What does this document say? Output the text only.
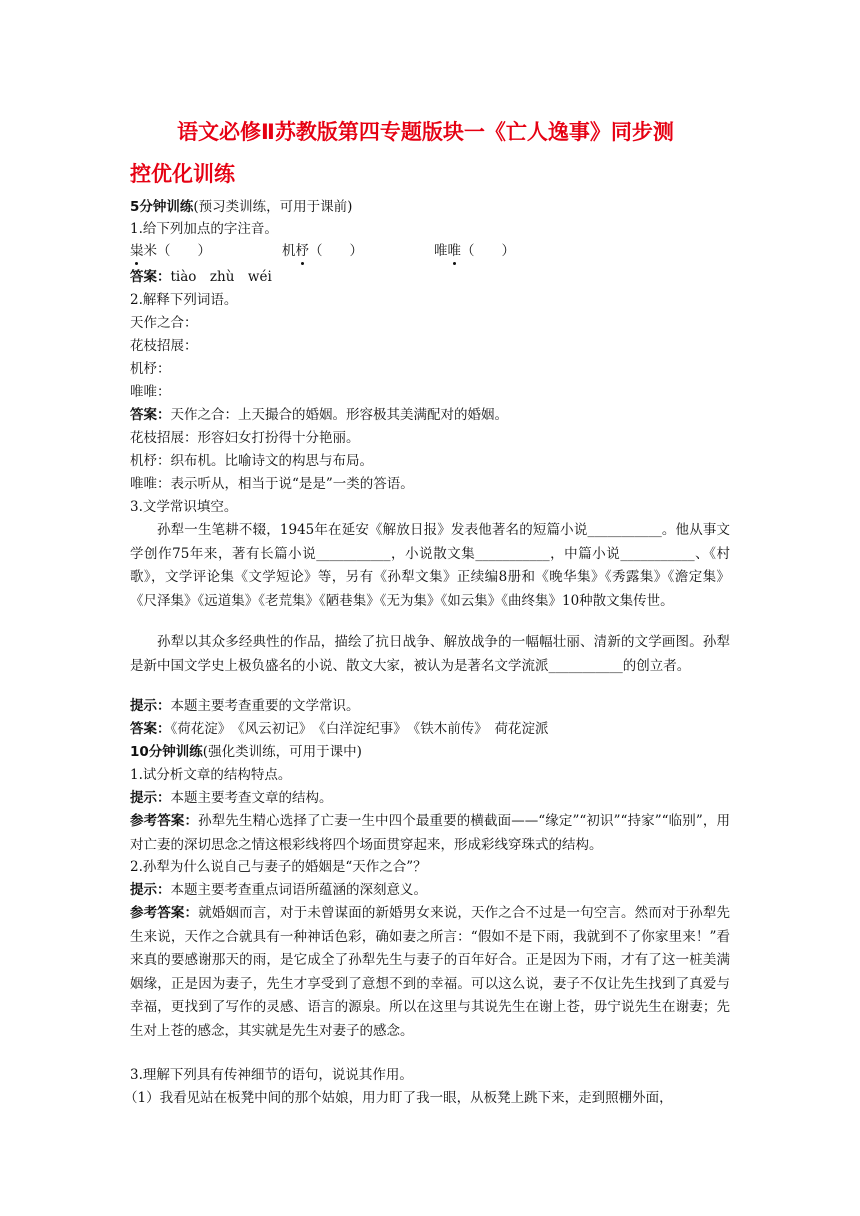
语文必修Ⅱ苏教版第四专题版块一《亡人逸事》同步测
控优化训练
5分钟训练(预习类训练，可用于课前)
1.给下列加点的字注音。
粜米（　　）	机杼（　　）	唯唯（　　）
答案：tiào　zhù　wéi
2.解释下列词语。
天作之合：
花枝招展：
机杼：
唯唯：
答案：天作之合：上天撮合的婚姻。形容极其美满配对的婚姻。
花枝招展：形容妇女打扮得十分艳丽。
机杼：织布机。比喻诗文的构思与布局。
唯唯：表示听从，相当于说“是是”一类的答语。
3.文学常识填空。
孙犁一生笔耕不辍，1945年在延安《解放日报》发表他著名的短篇小说___________。他从事文学创作75年来，著有长篇小说___________，小说散文集___________，中篇小说___________、《村歌》，文学评论集《文学短论》等，另有《孙犁文集》正续编8册和《晚华集》《秀露集》《澹定集》《尺泽集》《远道集》《老荒集》《陋巷集》《无为集》《如云集》《曲终集》10种散文集传世。
孙犁以其众多经典性的作品，描绘了抗日战争、解放战争的一幅幅壮丽、清新的文学画图。孙犁是新中国文学史上极负盛名的小说、散文大家，被认为是著名文学流派___________的创立者。
提示：本题主要考查重要的文学常识。
答案：《荷花淀》　《风云初记》　《白洋淀纪事》　《铁木前传》　荷花淀派
10分钟训练(强化类训练，可用于课中)
1.试分析文章的结构特点。
提示：本题主要考查文章的结构。
参考答案：孙犁先生精心选择了亡妻一生中四个最重要的横截面——“缘定”“初识”“持家”“临别”，用对亡妻的深切思念之情这根彩线将四个场面贯穿起来，形成彩线穿珠式的结构。
2.孙犁为什么说自己与妻子的婚姻是“天作之合”？
提示：本题主要考查重点词语所蕴涵的深刻意义。
参考答案：就婚姻而言，对于未曾谋面的新婚男女来说，天作之合不过是一句空言。然而对于孙犁先生来说，天作之合就具有一种神话色彩，确如妻之所言：“假如不是下雨，我就到不了你家里来！”看来真的要感谢那天的雨，是它成全了孙犁先生与妻子的百年好合。正是因为下雨，才有了这一桩美满姻缘，正是因为妻子，先生才享受到了意想不到的幸福。可以这么说，妻子不仅让先生找到了真爱与幸福，更找到了写作的灵感、语言的源泉。所以在这里与其说先生在谢上苍，毋宁说先生在谢妻；先生对上苍的感念，其实就是先生对妻子的感念。
3.理解下列具有传神细节的语句，说说其作用。
（1）我看见站在板凳中间的那个姑娘，用力盯了我一眼，从板凳上跳下来，走到照棚外面，
